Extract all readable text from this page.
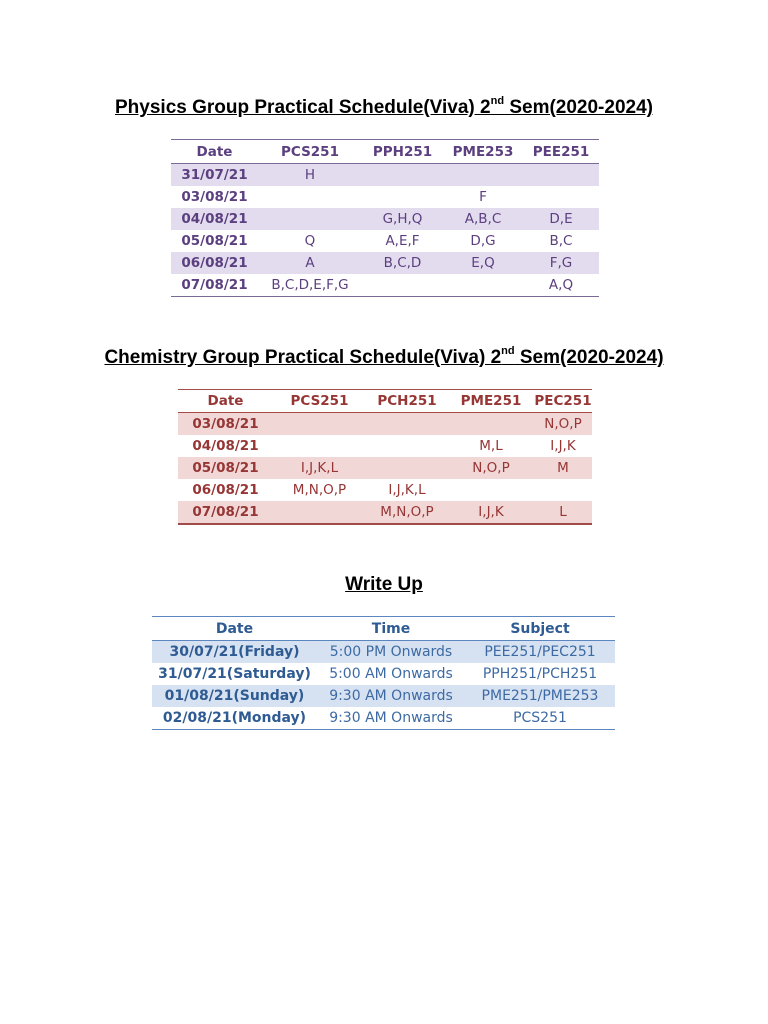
Physics Group Practical Schedule(Viva) 2nd Sem(2020-2024)
Date	PCS251	PPH251	PME253	PEE251
31/07/21	H			
03/08/21			F	
04/08/21		G,H,Q	A,B,C	D,E
05/08/21	Q	A,E,F	D,G	B,C
06/08/21	A	B,C,D	E,Q	F,G
07/08/21	B,C,D,E,F,G			A,Q
Chemistry Group Practical Schedule(Viva) 2nd Sem(2020-2024)
Date	PCS251	PCH251	PME251	PEC251
03/08/21				N,O,P
04/08/21			M,L	I,J,K
05/08/21	I,J,K,L		N,O,P	M
06/08/21	M,N,O,P	I,J,K,L		
07/08/21		M,N,O,P	I,J,K	L
Write Up
Date	Time	Subject
30/07/21(Friday)	5:00 PM Onwards	PEE251/PEC251
31/07/21(Saturday)	5:00 AM Onwards	PPH251/PCH251
01/08/21(Sunday)	9:30 AM Onwards	PME251/PME253
02/08/21(Monday)	9:30 AM Onwards	PCS251
